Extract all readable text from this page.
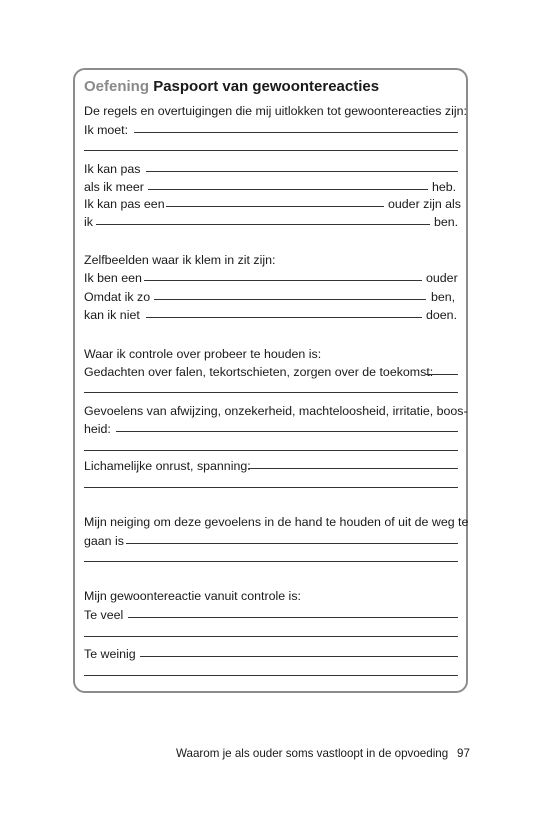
Oefening Paspoort van gewoontereacties
De regels en overtuigingen die mij uitlokken tot gewoontereacties zijn:
Ik moet:
Ik kan pas
als ik meer	heb.
Ik kan pas een	ouder zijn als
ik	ben.
Zelfbeelden waar ik klem in zit zijn:
Ik ben een	ouder
Omdat ik zo	ben,
kan ik niet	doen.
Waar ik controle over probeer te houden is:
Gedachten over falen, tekortschieten, zorgen over de toekomst:
Gevoelens van afwijzing, onzekerheid, machteloosheid, irritatie, boos-
heid:
Lichamelijke onrust, spanning:
Mijn neiging om deze gevoelens in de hand te houden of uit de weg te
gaan is
Mijn gewoontereactie vanuit controle is:
Te veel
Te weinig
Waarom je als ouder soms vastloopt in de opvoeding 97
